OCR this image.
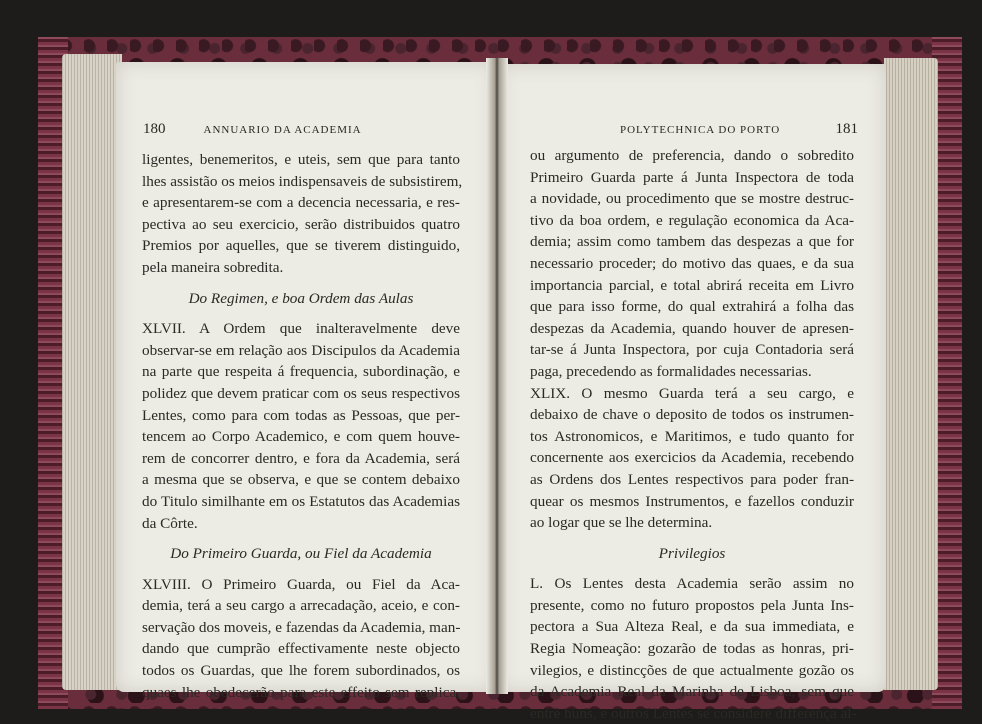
180	ANNUARIO DA ACADEMIA	POLYTECHNICA DO PORTO	181
ligentes, benemeritos, e uteis, sem que para tanto
lhes assistão os meios indispensaveis de subsistirem,
e apresentarem-se com a decencia necessaria, e res-
pectiva ao seu exercicio, serão distribuidos quatro
Premios por aquelles, que se tiverem distinguido,
pela maneira sobredita.
Do Regimen, e boa Ordem das Aulas
XLVII. A Ordem que inalteravelmente deve
observar-se em relação aos Discipulos da Academia
na parte que respeita á frequencia, subordinação, e
polidez que devem praticar com os seus respectivos
Lentes, como para com todas as Pessoas, que per-
tencem ao Corpo Academico, e com quem houve-
rem de concorrer dentro, e fora da Academia, será
a mesma que se observa, e que se contem debaixo
do Titulo similhante em os Estatutos das Academias
da Côrte.
Do Primeiro Guarda, ou Fiel da Academia
XLVIII. O Primeiro Guarda, ou Fiel da Aca-
demia, terá a seu cargo a arrecadação, aceio, e con-
servação dos moveis, e fazendas da Academia, man-
dando que cumprão effectivamente neste objecto
todos os Guardas, que lhe forem subordinados, os
quaes lhe obedecerão para este effeito sem replica,
ou argumento de preferencia, dando o sobredito
Primeiro Guarda parte á Junta Inspectora de toda
a novidade, ou procedimento que se mostre destruc-
tivo da boa ordem, e regulação economica da Aca-
demia; assim como tambem das despezas a que for
necessario proceder; do motivo das quaes, e da sua
importancia parcial, e total abrirá receita em Livro
que para isso forme, do qual extrahirá a folha das
despezas da Academia, quando houver de apresen-
tar-se á Junta Inspectora, por cuja Contadoria será
paga, precedendo as formalidades necessarias.
XLIX. O mesmo Guarda terá a seu cargo, e
debaixo de chave o deposito de todos os instrumen-
tos Astronomicos, e Maritimos, e tudo quanto for
concernente aos exercicios da Academia, recebendo
as Ordens dos Lentes respectivos para poder fran-
quear os mesmos Instrumentos, e fazellos conduzir
ao logar que se lhe determina.
Privilegios
L. Os Lentes desta Academia serão assim no
presente, como no futuro propostos pela Junta Ins-
pectora a Sua Alteza Real, e da sua immediata, e
Regia Nomeação: gozarão de todas as honras, pri-
vilegios, e distincções de que actualmente gozão os
da Academia Real da Marinha de Lisboa, sem que
entre huns, e outros Lentes se considere differença al-
